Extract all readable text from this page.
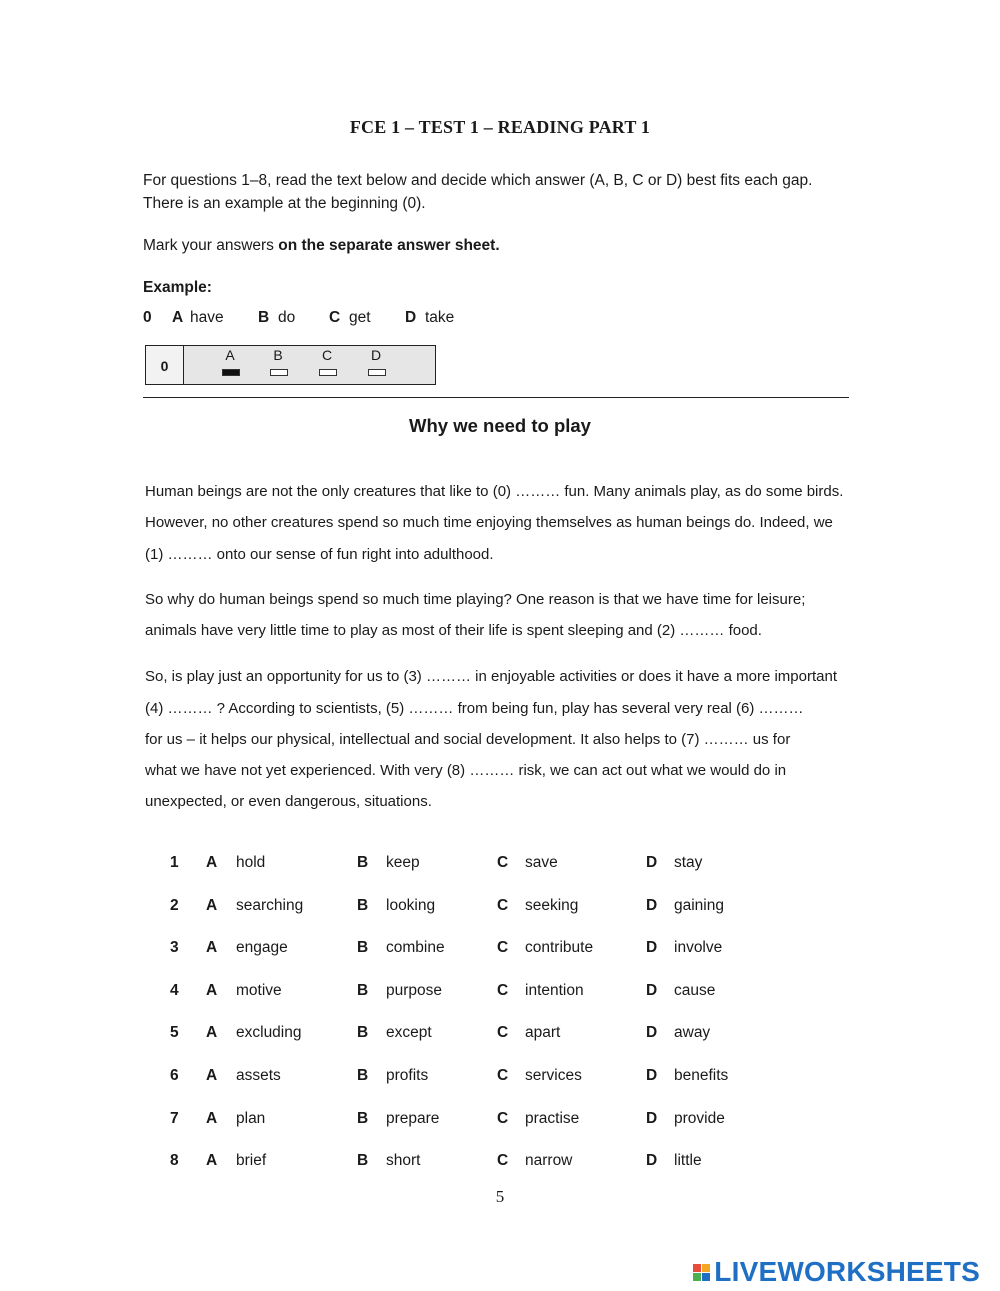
FCE 1 – TEST 1 – READING PART 1
For questions 1–8, read the text below and decide which answer (A, B, C or D) best fits each gap.
There is an example at the beginning (0).
Mark your answers on the separate answer sheet.
Example:
0 A have B do C get D take
0
A	B	C	D
Why we need to play
Human beings are not the only creatures that like to (0) ……… fun. Many animals play, as do some birds.
However, no other creatures spend so much time enjoying themselves as human beings do. Indeed, we
(1) ……… onto our sense of fun right into adulthood.
So why do human beings spend so much time playing? One reason is that we have time for leisure;
animals have very little time to play as most of their life is spent sleeping and (2) ……… food.
So, is play just an opportunity for us to (3) ……… in enjoyable activities or does it have a more important
(4) ……… ? According to scientists, (5) ……… from being fun, play has several very real (6) ………
for us – it helps our physical, intellectual and social development. It also helps to (7) ……… us for
what we have not yet experienced. With very (8) ……… risk, we can act out what we would do in
unexpected, or even dangerous, situations.
1 A hold	B keep	C save	D stay
2 A searching	B looking	C seeking	D gaining
3 A engage	B combine	C contribute	D involve
4 A motive	B purpose	C intention	D cause
5 A excluding	B except	C apart	D away
6 A assets	B profits	C services	D benefits
7 A plan	B prepare	C practise	D provide
8 A brief	B short	C narrow	D little
5
LIVEWORKSHEETS
